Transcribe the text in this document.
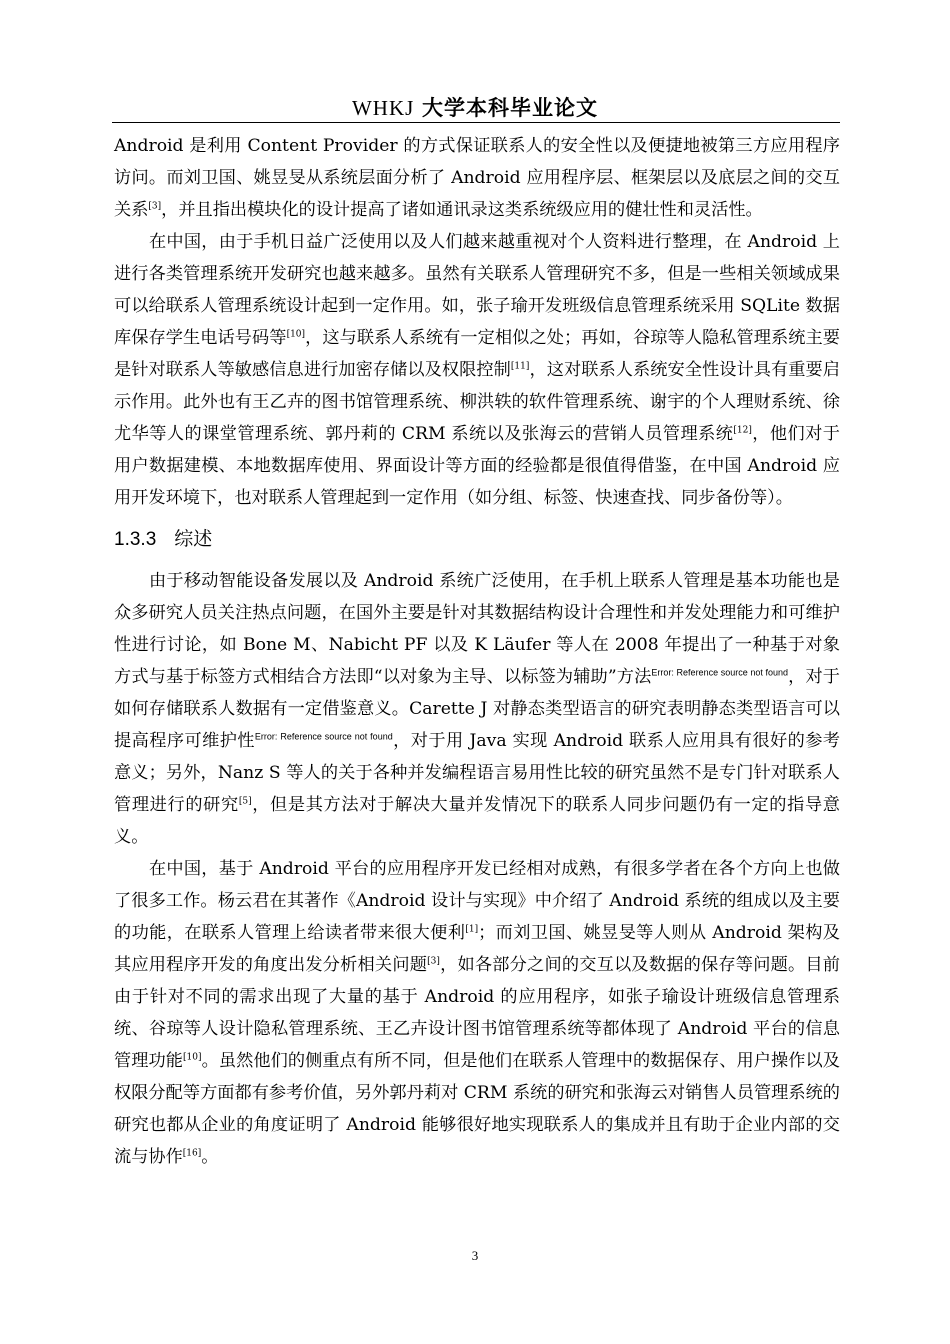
WHKJ 大学本科毕业论文

Android 是利用 Content Provider 的方式保证联系人的安全性以及便捷地被第三方应用程序访问。而刘卫国、姚昱旻从系统层面分析了 Android 应用程序层、框架层以及底层之间的交互关系[3]，并且指出模块化的设计提高了诸如通讯录这类系统级应用的健壮性和灵活性。

在中国，由于手机日益广泛使用以及人们越来越重视对个人资料进行整理，在 Android 上进行各类管理系统开发研究也越来越多。虽然有关联系人管理研究不多，但是一些相关领域成果可以给联系人管理系统设计起到一定作用。如，张子瑜开发班级信息管理系统采用 SQLite 数据库保存学生电话号码等[10]，这与联系人系统有一定相似之处；再如，谷琼等人隐私管理系统主要是针对联系人等敏感信息进行加密存储以及权限控制[11]，这对联系人系统安全性设计具有重要启示作用。此外也有王乙卉的图书馆管理系统、柳洪轶的软件管理系统、谢宇的个人理财系统、徐尤华等人的课堂管理系统、郭丹莉的 CRM 系统以及张海云的营销人员管理系统[12]，他们对于用户数据建模、本地数据库使用、界面设计等方面的经验都是很值得借鉴，在中国 Android 应用开发环境下，也对联系人管理起到一定作用（如分组、标签、快速查找、同步备份等）。

1.3.3 综述

由于移动智能设备发展以及 Android 系统广泛使用，在手机上联系人管理是基本功能也是众多研究人员关注热点问题，在国外主要是针对其数据结构设计合理性和并发处理能力和可维护性进行讨论，如 Bone M、Nabicht PF 以及 K Läufer 等人在 2008 年提出了一种基于对象方式与基于标签方式相结合方法即“以对象为主导、以标签为辅助”方法$^{Error: Reference source not found}$，对于如何存储联系人数据有一定借鉴意义。Carette J 对静态类型语言的研究表明静态类型语言可以提高程序可维护性$^{Error: Reference source not found}$，对于用 Java 实现 Android 联系人应用具有很好的参考意义；另外，Nanz S 等人的关于各种并发编程语言易用性比较的研究虽然不是专门针对联系人管理进行的研究[5]，但是其方法对于解决大量并发情况下的联系人同步问题仍有一定的指导意义。

在中国，基于 Android 平台的应用程序开发已经相对成熟，有很多学者在各个方向上也做了很多工作。杨云君在其著作《Android 设计与实现》中介绍了 Android 系统的组成以及主要的功能，在联系人管理上给读者带来很大便利[1]；而刘卫国、姚昱旻等人则从 Android 架构及其应用程序开发的角度出发分析相关问题[3]，如各部分之间的交互以及数据的保存等问题。目前由于针对不同的需求出现了大量的基于 Android 的应用程序，如张子瑜设计班级信息管理系统、谷琼等人设计隐私管理系统、王乙卉设计图书馆管理系统等都体现了 Android 平台的信息管理功能[10]。虽然他们的侧重点有所不同，但是他们在联系人管理中的数据保存、用户操作以及权限分配等方面都有参考价值，另外郭丹莉对 CRM 系统的研究和张海云对销售人员管理系统的研究也都从企业的角度证明了 Android 能够很好地实现联系人的集成并且有助于企业内部的交流与协作[16]。

3
